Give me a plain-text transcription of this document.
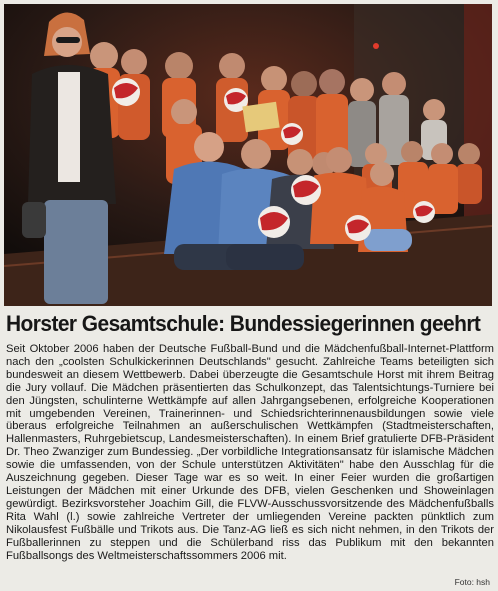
Horster Gesamtschule: Bundessiegerinnen geehrt

Seit Oktober 2006 haben der Deutsche Fußball-Bund und die Mädchenfußball-Internet-Plattform nach den „coolsten Schulkickerinnen Deutschlands" gesucht. Zahlreiche Teams beteiligten sich bundesweit an diesem Wettbewerb. Dabei überzeugte die Gesamtschule Horst mit ihrem Beitrag die Jury vollauf. Die Mädchen präsentierten das Schulkonzept, das Talentsichtungs-Turniere bei den Jüngsten, schulinterne Wettkämpfe auf allen Jahrgangsebenen, erfolgreiche Kooperationen mit umgebenden Vereinen, Trainerinnen- und Schiedsrichterinnenausbildungen sowie viele überaus erfolgreiche Teilnahmen an außerschulischen Wettkämpfen (Stadtmeisterschaften, Hallenmasters, Ruhrgebietscup, Landesmeisterschaften). In einem Brief gratulierte DFB-Präsident Dr. Theo Zwanziger zum Bundessieg. „Der vorbildliche Integrationsansatz für islamische Mädchen sowie die umfassenden, von der Schule unterstützen Aktivitäten" habe den Ausschlag für die Auszeichnung gegeben. Dieser Tage war es so weit. In einer Feier wurden die großartigen Leistungen der Mädchen mit einer Urkunde des DFB, vielen Geschenken und Showeinlagen gewürdigt. Bezirksvorsteher Joachim Gill, die FLVW-Ausschussvorsitzende des Mädchenfußballs Rita Wahl (l.) sowie zahlreiche Vertreter der umliegenden Vereine packten pünktlich zum Nikolausfest Fußbälle und Trikots aus. Die Tanz-AG ließ es sich nicht nehmen, in den Trikots der Fußballerinnen zu steppen und die Schülerband riss das Publikum mit den bekannten Fußballsongs des Weltmeisterschaftssommers 2006 mit.

Foto: hsh
